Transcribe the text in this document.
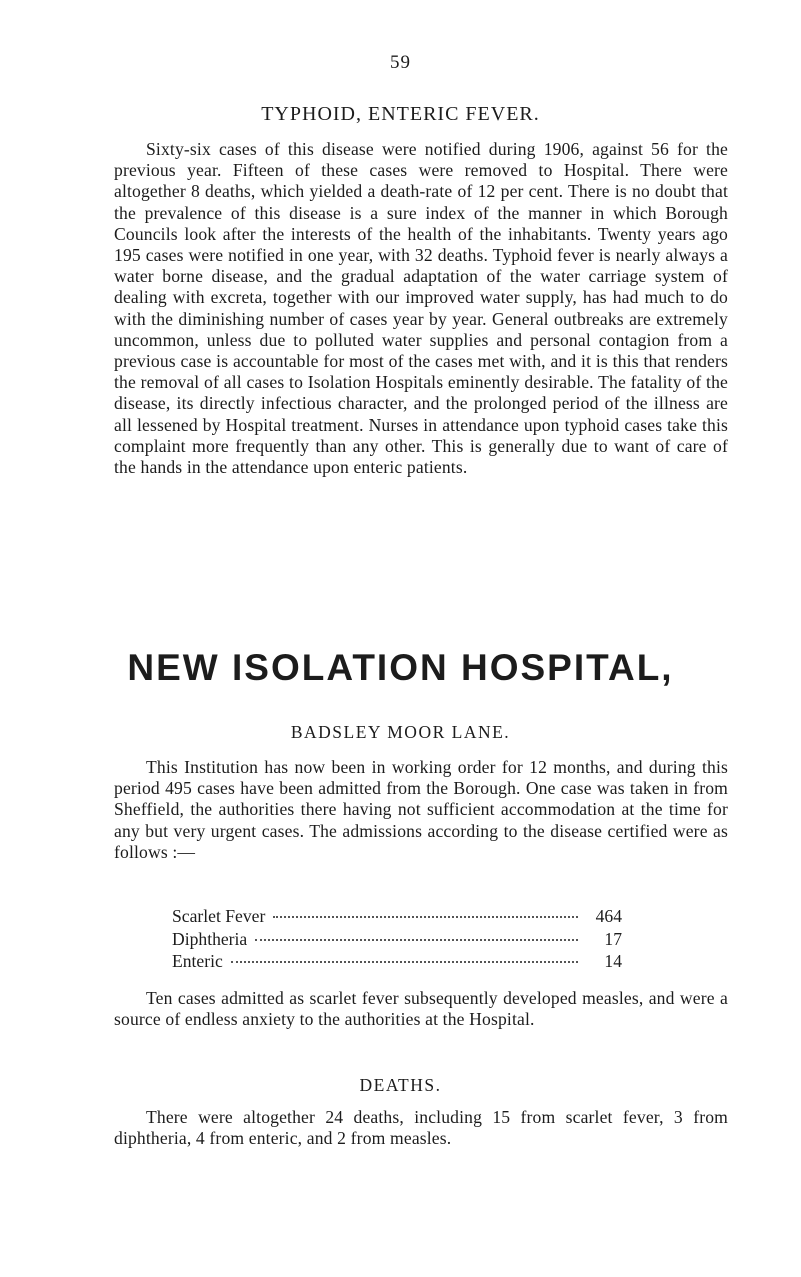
59
TYPHOID, ENTERIC FEVER.

Sixty-six cases of this disease were notified during 1906, against 56 for the previous year. Fifteen of these cases were removed to Hospital. There were altogether 8 deaths, which yielded a death-rate of 12 per cent. There is no doubt that the prevalence of this disease is a sure index of the manner in which Borough Councils look after the interests of the health of the inhabitants. Twenty years ago 195 cases were notified in one year, with 32 deaths. Typhoid fever is nearly always a water borne disease, and the gradual adaptation of the water carriage system of dealing with excreta, together with our improved water supply, has had much to do with the diminishing number of cases year by year. General outbreaks are extremely uncommon, unless due to polluted water supplies and personal contagion from a previous case is accountable for most of the cases met with, and it is this that renders the removal of all cases to Isolation Hospitals eminently desirable. The fatality of the disease, its directly infectious character, and the prolonged period of the illness are all lessened by Hospital treatment. Nurses in attendance upon typhoid cases take this complaint more frequently than any other. This is generally due to want of care of the hands in the attendance upon enteric patients.

NEW ISOLATION HOSPITAL,
BADSLEY MOOR LANE.

This Institution has now been in working order for 12 months, and during this period 495 cases have been admitted from the Borough. One case was taken in from Sheffield, the authorities there having not sufficient accommodation at the time for any but very urgent cases. The admissions according to the disease certified were as follows :—

Scarlet Fever	464
Diphtheria	17
Enteric	14

Ten cases admitted as scarlet fever subsequently developed measles, and were a source of endless anxiety to the authorities at the Hospital.

DEATHS.

There were altogether 24 deaths, including 15 from scarlet fever, 3 from diphtheria, 4 from enteric, and 2 from measles.
